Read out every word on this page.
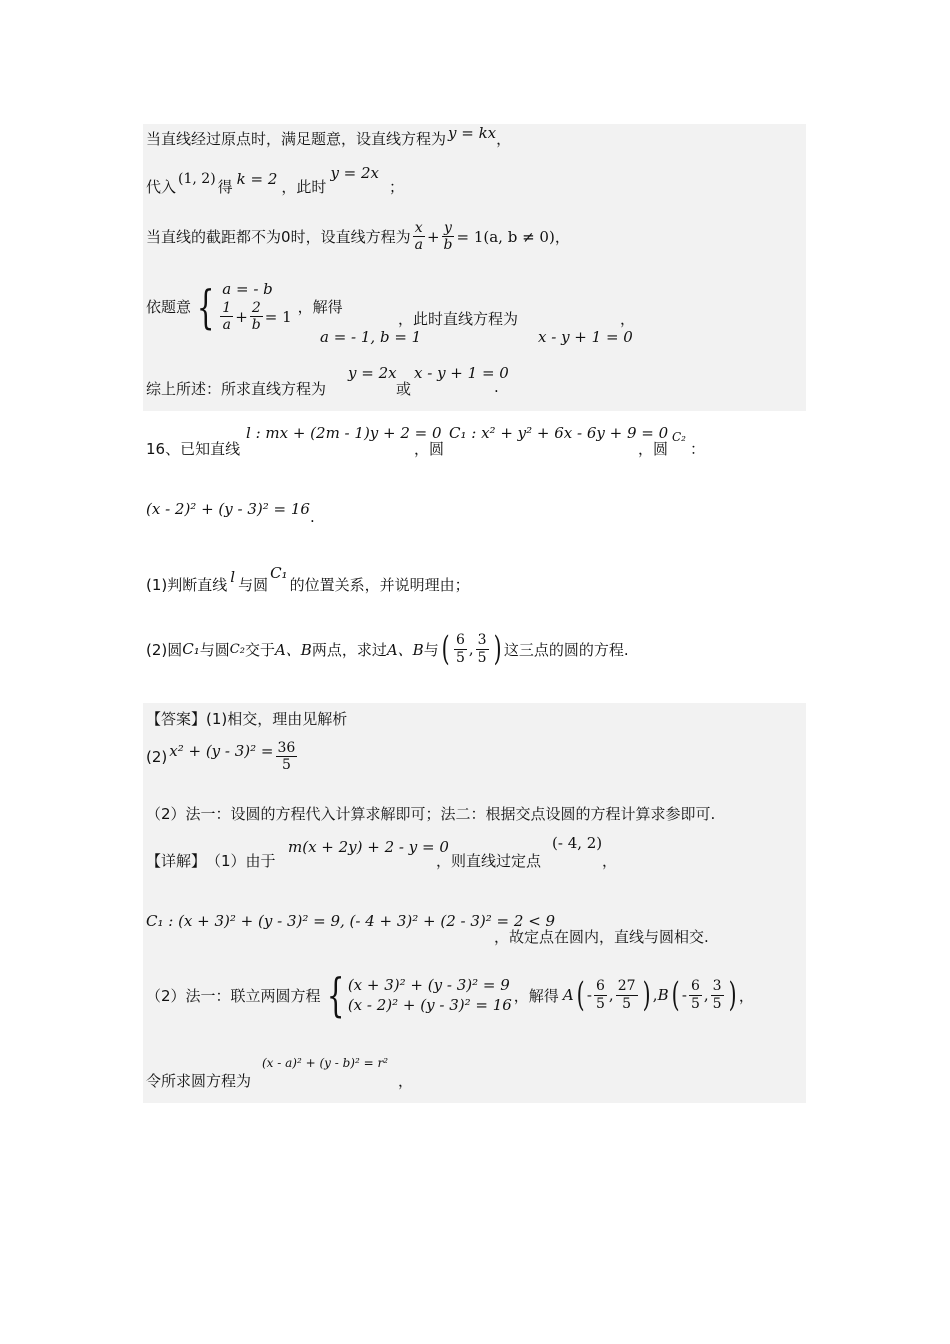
当直线经过原点时，满足题意，设直线方程为 y = kx ，
代入 (1, 2) 得 k = 2 ，此时
y = 2x
；
当直线的截距都不为 0 时，设直线方程为 $\frac{x}{a} + \frac{y}{b} = 1(a$, b ≠ 0) ，
依题意 { a = - b
$\frac{1}{a} + \frac{2}{b} = 1$
，解得
a = - 1, b = 1
，此时直线方程为
x - y + 1 = 0
，
综上所述：所求直线方程为
y = 2x
或
x - y + 1 = 0
.
16、已知直线
l : mx + (2m - 1)y + 2 = 0
，圆
C₁ : x² + y² + 6x - 6y + 9 = 0
，圆
C₂
：
(x - 2)² + (y - 3)² = 16 .
(1)判断直线 l 与圆
C₁
的位置关系，并说明理由；
(2)圆 C₁ 与圆 C₂ 交于 A、B 两点，求过 A、B 与 ( $\frac{6}{5}$ , $\frac{3}{5}$ ) 这三点的圆的方程.
【答案】 (1)相交，理由见解析
(2) $x^2 + (y - 3)^2 = \frac{36}{5}$
（2）法一：设圆的方程代入计算求解即可；法二：根据交点设圆的方程计算求参即可.
【详解】 （1）由于
m(x + 2y) + 2 - y = 0
，则直线过定点
(- 4, 2)
，
C₁ : (x + 3)² + (y - 3)² = 9, (- 4 + 3)² + (2 - 3)² = 2 < 9
，故定点在圆内，直线与圆相交.
（2）法一：联立两圆方程 { (x + 3)² + (y - 3)² = 9
(x - 2)² + (y - 3)² = 16
，解得 A ( - $\frac{6}{5}$ , $\frac{27}{5}$ ) , B ( - $\frac{6}{5}$ , $\frac{3}{5}$ ) ，
令所求圆方程为
(x - a)² + (y - b)² = r²
，
